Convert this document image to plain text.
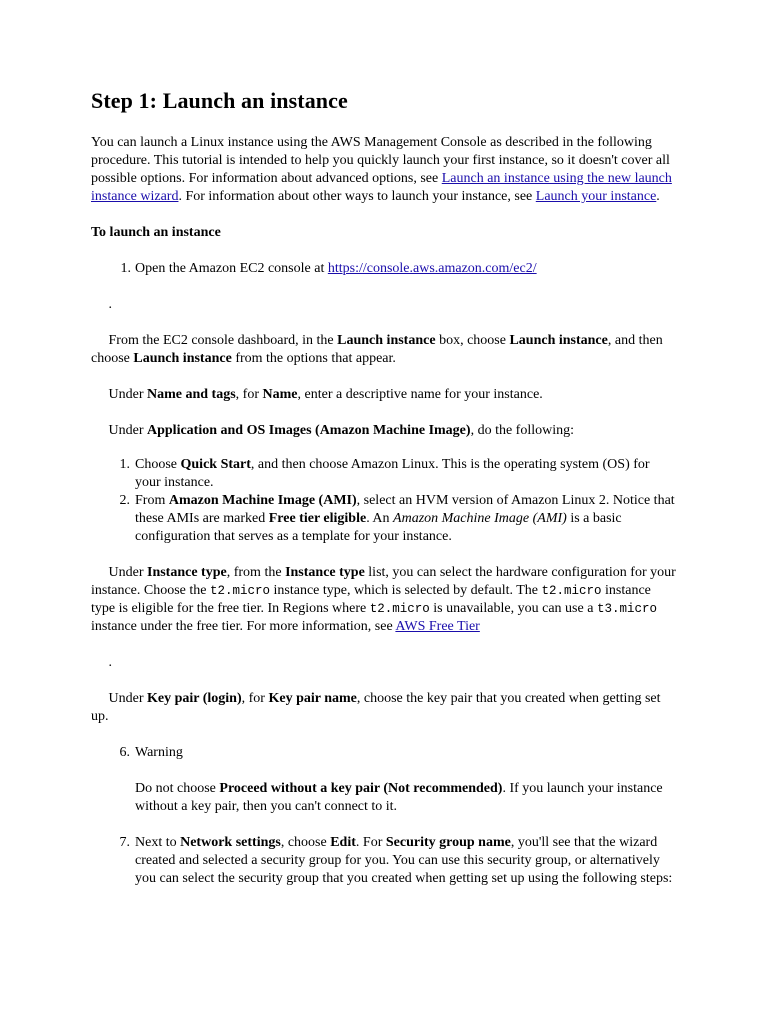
Step 1: Launch an instance

You can launch a Linux instance using the AWS Management Console as described in the following procedure. This tutorial is intended to help you quickly launch your first instance, so it doesn't cover all possible options. For information about advanced options, see Launch an instance using the new launch instance wizard. For information about other ways to launch your instance, see Launch your instance.

To launch an instance

1. Open the Amazon EC2 console at https://console.aws.amazon.com/ec2/

.

From the EC2 console dashboard, in the Launch instance box, choose Launch instance, and then choose Launch instance from the options that appear.

Under Name and tags, for Name, enter a descriptive name for your instance.

Under Application and OS Images (Amazon Machine Image), do the following:

1. Choose Quick Start, and then choose Amazon Linux. This is the operating system (OS) for your instance.
2. From Amazon Machine Image (AMI), select an HVM version of Amazon Linux 2. Notice that these AMIs are marked Free tier eligible. An Amazon Machine Image (AMI) is a basic configuration that serves as a template for your instance.

Under Instance type, from the Instance type list, you can select the hardware configuration for your instance. Choose the t2.micro instance type, which is selected by default. The t2.micro instance type is eligible for the free tier. In Regions where t2.micro is unavailable, you can use a t3.micro instance under the free tier. For more information, see AWS Free Tier

.

Under Key pair (login), for Key pair name, choose the key pair that you created when getting set up.

6. Warning
Do not choose Proceed without a key pair (Not recommended). If you launch your instance without a key pair, then you can't connect to it.
7. Next to Network settings, choose Edit. For Security group name, you'll see that the wizard created and selected a security group for you. You can use this security group, or alternatively you can select the security group that you created when getting set up using the following steps:
